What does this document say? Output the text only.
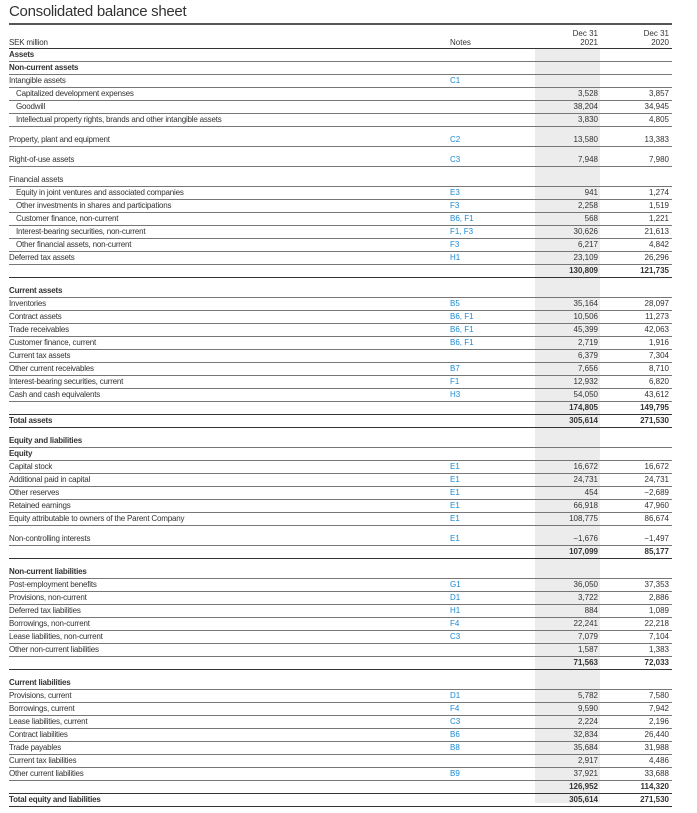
Consolidated balance sheet
SEK million	Notes
Dec 31
2021
Dec 31
2020
Assets
Non-current assets
Intangible assets	C1
Capitalized development expenses	3,528	3,857
Goodwill	38,204	34,945
Intellectual property rights, brands and other intangible assets	3,830	4,805
Property, plant and equipment	C2	13,580	13,383
Right-of-use assets	C3	7,948	7,980
Financial assets
Equity in joint ventures and associated companies	E3	941	1,274
Other investments in shares and participations	F3	2,258	1,519
Customer finance, non-current	B6, F1	568	1,221
Interest-bearing securities, non-current	F1, F3	30,626	21,613
Other financial assets, non-current	F3	6,217	4,842
Deferred tax assets	H1	23,109	26,296
130,809	121,735
Current assets
Inventories	B5	35,164	28,097
Contract assets	B6, F1	10,506	11,273
Trade receivables	B6, F1	45,399	42,063
Customer finance, current	B6, F1	2,719	1,916
Current tax assets	6,379	7,304
Other current receivables	B7	7,656	8,710
Interest-bearing securities, current	F1	12,932	6,820
Cash and cash equivalents	H3	54,050	43,612
174,805	149,795
Total assets	305,614	271,530
Equity and liabilities
Equity
Capital stock	E1	16,672	16,672
Additional paid in capital	E1	24,731	24,731
Other reserves	E1	454	−2,689
Retained earnings	E1	66,918	47,960
Equity attributable to owners of the Parent Company	E1	108,775	86,674
Non-controlling interests	E1	−1,676	−1,497
107,099	85,177
Non-current liabilities
Post-employment benefits	G1	36,050	37,353
Provisions, non-current	D1	3,722	2,886
Deferred tax liabilities	H1	884	1,089
Borrowings, non-current	F4	22,241	22,218
Lease liabilities, non-current	C3	7,079	7,104
Other non-current liabilities	1,587	1,383
71,563	72,033
Current liabilities
Provisions, current	D1	5,782	7,580
Borrowings, current	F4	9,590	7,942
Lease liabilities, current	C3	2,224	2,196
Contract liabilities	B6	32,834	26,440
Trade payables	B8	35,684	31,988
Current tax liabilities	2,917	4,486
Other current liabilities	B9	37,921	33,688
126,952	114,320
Total equity and liabilities	305,614	271,530
